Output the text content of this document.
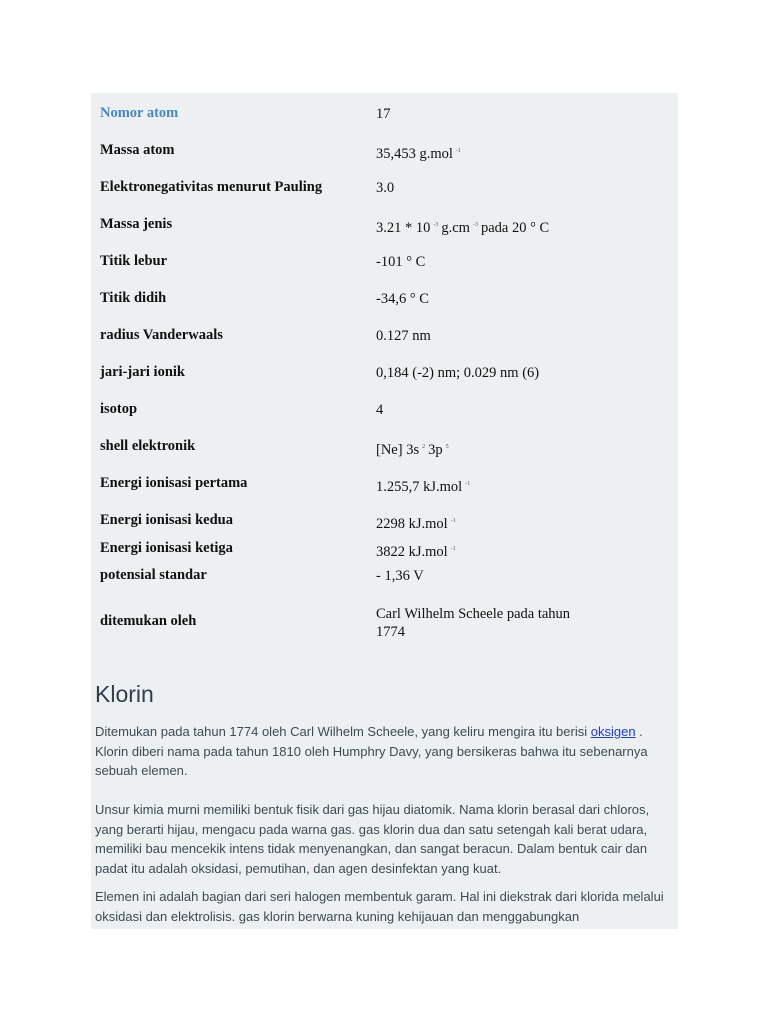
Nomor atom	17
Massa atom	35,453 g.mol $^{-1}$
Elektronegativitas menurut Pauling	3.0
Massa jenis	3.21 * 10 $^{-3}$ g.cm $^{-3}$ pada 20 ° C
Titik lebur	-101 ° C
Titik didih	-34,6 ° C
radius Vanderwaals	0.127 nm
jari-jari ionik	0,184 (-2) nm; 0.029 nm (6)
isotop	4
shell elektronik	[Ne] 3s $^2$ 3p $^5$
Energi ionisasi pertama	1.255,7 kJ.mol $^{-1}$
Energi ionisasi kedua	2298 kJ.mol $^{-1}$
Energi ionisasi ketiga	3822 kJ.mol $^{-1}$
potensial standar	- 1,36 V
ditemukan oleh	Carl Wilhelm Scheele pada tahun 1774
Klorin

Ditemukan pada tahun 1774 oleh Carl Wilhelm Scheele, yang keliru mengira itu berisi oksigen . Klorin diberi nama pada tahun 1810 oleh Humphry Davy, yang bersikeras bahwa itu sebenarnya sebuah elemen.

Unsur kimia murni memiliki bentuk fisik dari gas hijau diatomik. Nama klorin berasal dari chloros, yang berarti hijau, mengacu pada warna gas. gas klorin dua dan satu setengah kali berat udara, memiliki bau mencekik intens tidak menyenangkan, dan sangat beracun. Dalam bentuk cair dan padat itu adalah oksidasi, pemutihan, dan agen desinfektan yang kuat.

Elemen ini adalah bagian dari seri halogen membentuk garam. Hal ini diekstrak dari klorida melalui oksidasi dan elektrolisis. gas klorin berwarna kuning kehijauan dan menggabungkan
